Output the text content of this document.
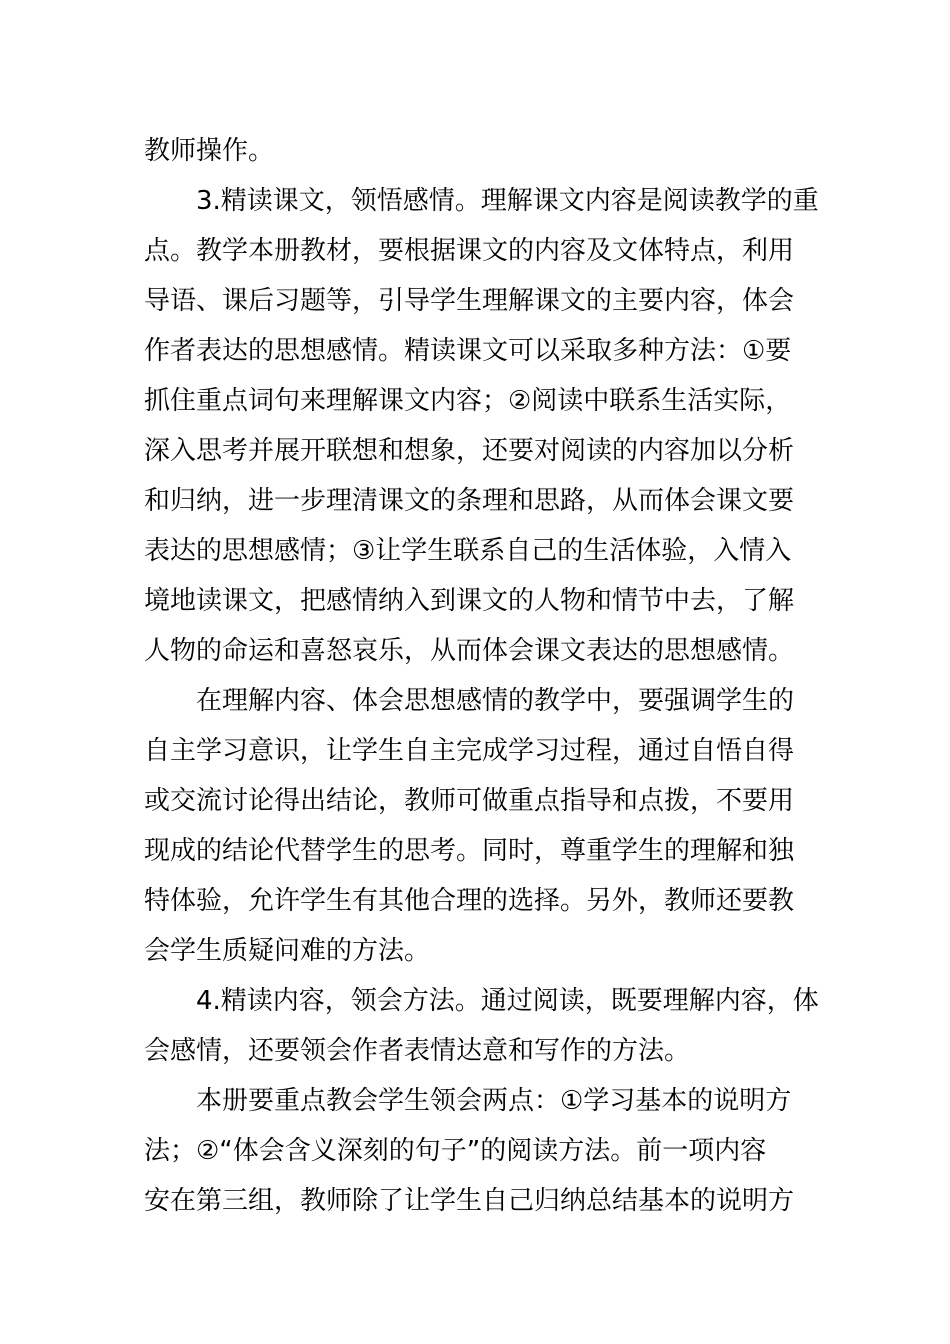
教师操作。
3.精读课文，领悟感情。理解课文内容是阅读教学的重
点。教学本册教材，要根据课文的内容及文体特点，利用
导语、课后习题等，引导学生理解课文的主要内容，体会
作者表达的思想感情。精读课文可以采取多种方法：①要
抓住重点词句来理解课文内容；②阅读中联系生活实际，
深入思考并展开联想和想象，还要对阅读的内容加以分析
和归纳，进一步理清课文的条理和思路，从而体会课文要
表达的思想感情；③让学生联系自己的生活体验，入情入
境地读课文，把感情纳入到课文的人物和情节中去，了解
人物的命运和喜怒哀乐，从而体会课文表达的思想感情。
在理解内容、体会思想感情的教学中，要强调学生的
自主学习意识，让学生自主完成学习过程，通过自悟自得
或交流讨论得出结论，教师可做重点指导和点拨，不要用
现成的结论代替学生的思考。同时，尊重学生的理解和独
特体验，允许学生有其他合理的选择。另外，教师还要教
会学生质疑问难的方法。
4.精读内容，领会方法。通过阅读，既要理解内容，体
会感情，还要领会作者表情达意和写作的方法。
本册要重点教会学生领会两点：①学习基本的说明方
法；②“体会含义深刻的句子”的阅读方法。前一项内容
安在第三组，教师除了让学生自己归纳总结基本的说明方
